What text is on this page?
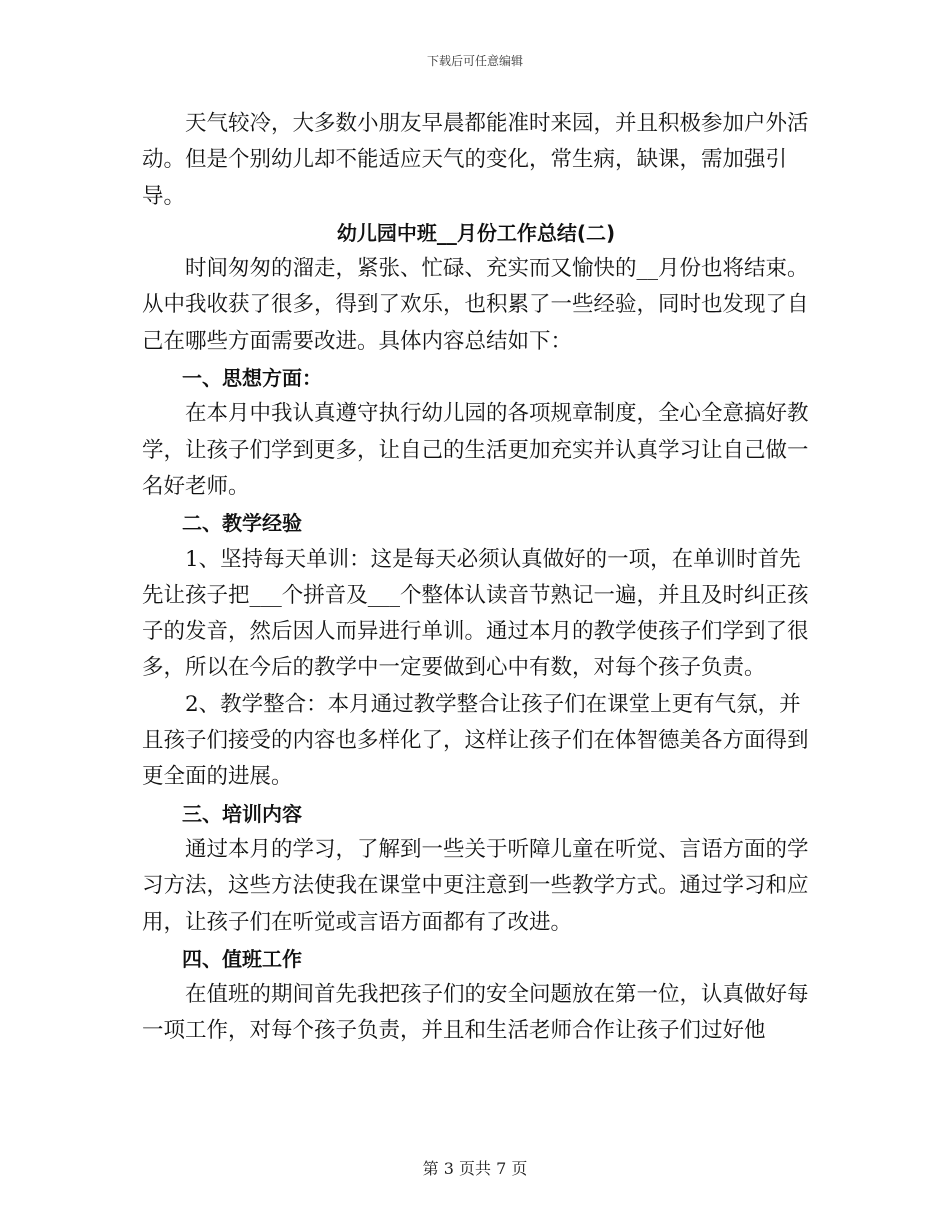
下载后可任意编辑

天气较冷，大多数小朋友早晨都能准时来园，并且积极参加户外活动。但是个别幼儿却不能适应天气的变化，常生病，缺课，需加强引导。

幼儿园中班__月份工作总结(二)

时间匆匆的溜走，紧张、忙碌、充实而又愉快的__月份也将结束。从中我收获了很多，得到了欢乐，也积累了一些经验，同时也发现了自己在哪些方面需要改进。具体内容总结如下：

一、思想方面：

在本月中我认真遵守执行幼儿园的各项规章制度，全心全意搞好教学，让孩子们学到更多，让自己的生活更加充实并认真学习让自己做一名好老师。

二、教学经验

1、坚持每天单训：这是每天必须认真做好的一项，在单训时首先先让孩子把___个拼音及___个整体认读音节熟记一遍，并且及时纠正孩子的发音，然后因人而异进行单训。通过本月的教学使孩子们学到了很多，所以在今后的教学中一定要做到心中有数，对每个孩子负责。

2、教学整合：本月通过教学整合让孩子们在课堂上更有气氛，并且孩子们接受的内容也多样化了，这样让孩子们在体智德美各方面得到更全面的进展。

三、培训内容

通过本月的学习，了解到一些关于听障儿童在听觉、言语方面的学习方法，这些方法使我在课堂中更注意到一些教学方式。通过学习和应用，让孩子们在听觉或言语方面都有了改进。

四、值班工作

在值班的期间首先我把孩子们的安全问题放在第一位，认真做好每一项工作，对每个孩子负责，并且和生活老师合作让孩子们过好他

第 3 页共 7 页
